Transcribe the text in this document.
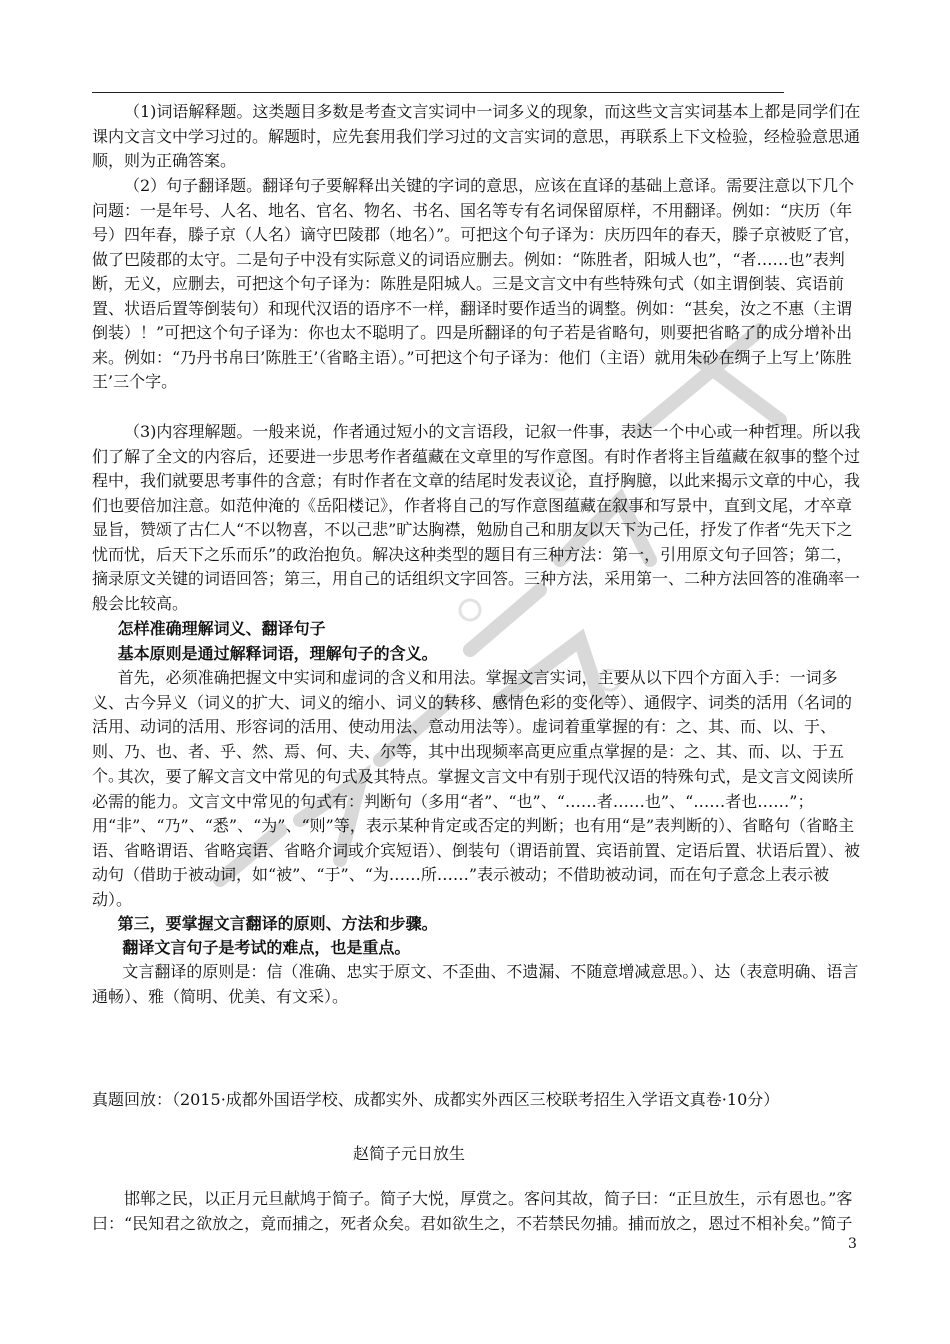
（1)词语解释题。这类题目多数是考查文言实词中一词多义的现象，而这些文言实词基本上都是同学们在课内文言文中学习过的。解题时，应先套用我们学习过的文言实词的意思，再联系上下文检验，经检验意思通顺，则为正确答案。

（2）句子翻译题。翻译句子要解释出关键的字词的意思，应该在直译的基础上意译。需要注意以下几个问题：一是年号、人名、地名、官名、物名、书名、国名等专有名词保留原样，不用翻译。例如：“庆历（年号）四年春，滕子京（人名）谪守巴陵郡（地名）”。可把这个句子译为：庆历四年的春天，滕子京被贬了官，做了巴陵郡的太守。二是句子中没有实际意义的词语应删去。例如：“陈胜者，阳城人也”，“者……也”表判断，无义，应删去，可把这个句子译为：陈胜是阳城人。三是文言文中有些特殊句式（如主谓倒装、宾语前置、状语后置等倒装句）和现代汉语的语序不一样，翻译时要作适当的调整。例如：“甚矣，汝之不惠（主谓倒装）！”可把这个句子译为：你也太不聪明了。四是所翻译的句子若是省略句，则要把省略了的成分增补出来。例如：“乃丹书帛曰’陈胜王’（省略主语）。”可把这个句子译为：他们（主语）就用朱砂在绸子上写上’陈胜王’三个字。

（3)内容理解题。一般来说，作者通过短小的文言语段，记叙一件事，表达一个中心或一种哲理。所以我们了解了全文的内容后，还要进一步思考作者蕴藏在文章里的写作意图。有时作者将主旨蕴藏在叙事的整个过程中，我们就要思考事件的含意；有时作者在文章的结尾时发表议论，直抒胸臆，以此来揭示文章的中心，我们也要倍加注意。如范仲淹的《岳阳楼记》，作者将自己的写作意图蕴藏在叙事和写景中，直到文尾，才卒章显旨，赞颂了古仁人“不以物喜，不以己悲”旷达胸襟，勉励自己和朋友以天下为己任，抒发了作者“先天下之忧而忧，后天下之乐而乐”的政治抱负。解决这种类型的题目有三种方法：第一，引用原文句子回答；第二，摘录原文关键的词语回答；第三，用自己的话组织文字回答。三种方法，采用第一、二种方法回答的准确率一般会比较高。

怎样准确理解词义、翻译句子

基本原则是通过解释词语，理解句子的含义。

首先，必须准确把握文中实词和虚词的含义和用法。掌握文言实词，主要从以下四个方面入手：一词多义、古今异义（词义的扩大、词义的缩小、词义的转移、感情色彩的变化等）、通假字、词类的活用（名词的活用、动词的活用、形容词的活用、使动用法、意动用法等）。虚词着重掌握的有：之、其、而、以、于、则、乃、也、者、乎、然、焉、何、夫、尔等，其中出现频率高更应重点掌握的是：之、其、而、以、于五个。

其次，要了解文言文中常见的句式及其特点。掌握文言文中有别于现代汉语的特殊句式，是文言文阅读所必需的能力。文言文中常见的句式有：判断句（多用“者”、“也”、“……者……也”、“……者也……”；用“非”、“乃”、“悉”、“为”、“则”等，表示某种肯定或否定的判断；也有用“是”表判断的）、省略句（省略主语、省略谓语、省略宾语、省略介词或介宾短语）、倒装句（谓语前置、宾语前置、定语后置、状语后置）、被动句（借助于被动词，如“被”、“于”、“为……所……”表示被动；不借助被动词，而在句子意念上表示被动）。

第三，要掌握文言翻译的原则、方法和步骤。

翻译文言句子是考试的难点，也是重点。

文言翻译的原则是：信（准确、忠实于原文、不歪曲、不遗漏、不随意增减意思。）、达（表意明确、语言通畅）、雅（简明、优美、有文采）。

真题回放：（2015·成都外国语学校、成都实外、成都实外西区三校联考招生入学语文真卷·10分）

赵简子元日放生

邯郸之民，以正月元旦献鸠于简子。简子大悦，厚赏之。客问其故，简子曰：“正旦放生，示有恩也。”客曰：“民知君之欲放之，竟而捕之，死者众矣。君如欲生之，不若禁民勿捕。捕而放之，恩过不相补矣。”简子

3
